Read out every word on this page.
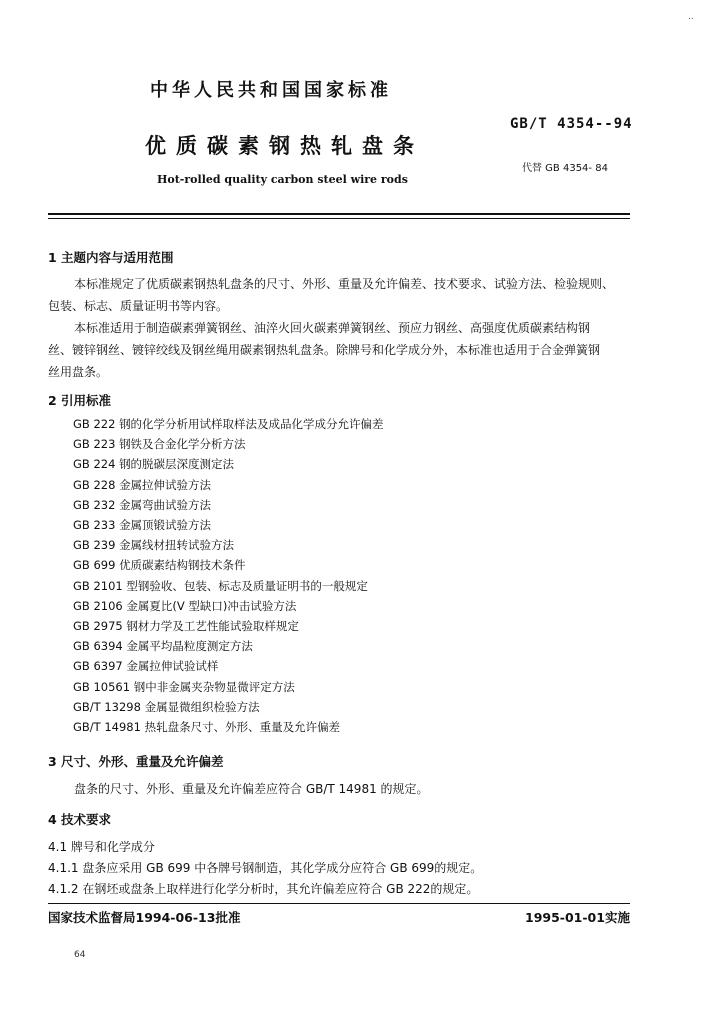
..
中华人民共和国国家标准
GB/T 4354--94
优质碳素钢热轧盘条
代替 GB 4354- 84
Hot-rolled quality carbon steel wire rods
1 主题内容与适用范围
本标准规定了优质碳素钢热轧盘条的尺寸、外形、重量及允许偏差、技术要求、试验方法、检验规则、
包装、标志、质量证明书等内容。
本标准适用于制造碳素弹簧钢丝、油淬火回火碳素弹簧钢丝、预应力钢丝、高强度优质碳素结构钢
丝、镀锌钢丝、镀锌绞线及钢丝绳用碳素钢热轧盘条。除牌号和化学成分外，本标准也适用于合金弹簧钢
丝用盘条。
2 引用标准
GB 222 钢的化学分析用试样取样法及成品化学成分允许偏差
GB 223 钢铁及合金化学分析方法
GB 224 钢的脱碳层深度测定法
GB 228 金属拉伸试验方法
GB 232 金属弯曲试验方法
GB 233 金属顶锻试验方法
GB 239 金属线材扭转试验方法
GB 699 优质碳素结构钢技术条件
GB 2101 型钢验收、包装、标志及质量证明书的一般规定
GB 2106 金属夏比(V 型缺口)冲击试验方法
GB 2975 钢材力学及工艺性能试验取样规定
GB 6394 金属平均晶粒度测定方法
GB 6397 金属拉伸试验试样
GB 10561 钢中非金属夹杂物显微评定方法
GB/T 13298 金属显微组织检验方法
GB/T 14981 热轧盘条尺寸、外形、重量及允许偏差
3 尺寸、外形、重量及允许偏差
盘条的尺寸、外形、重量及允许偏差应符合 GB/T 14981 的规定。
4 技术要求
4.1 牌号和化学成分
4.1.1 盘条应采用 GB 699 中各牌号钢制造，其化学成分应符合 GB 699的规定。
4.1.2 在钢坯或盘条上取样进行化学分析时，其允许偏差应符合 GB 222的规定。
国家技术监督局1994-06-13批准	1995-01-01实施
64
